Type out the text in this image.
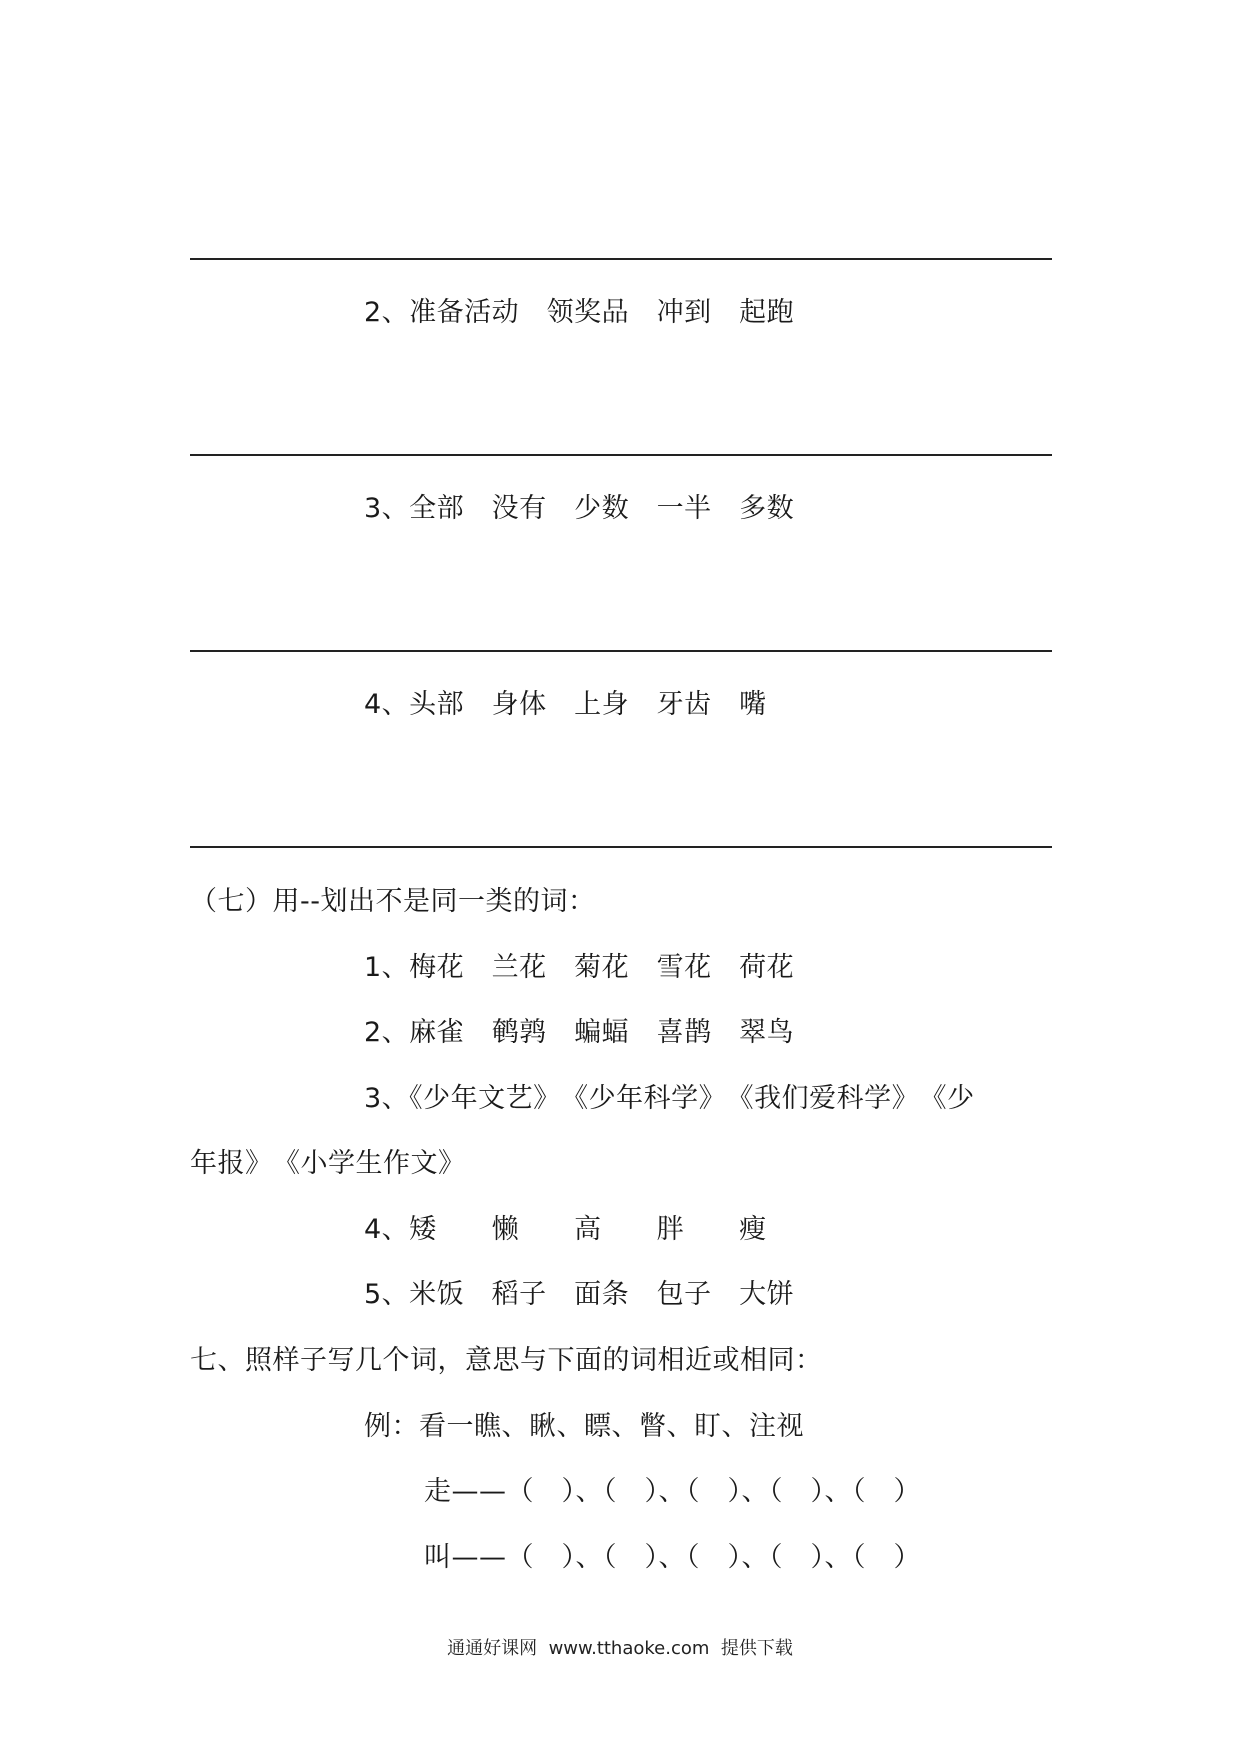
2、准备活动　领奖品　冲到　起跑
3、全部　没有　少数　一半　多数
4、头部　身体　上身　牙齿　嘴
（七）用--划出不是同一类的词：
1、梅花　兰花　菊花　雪花　荷花
2、麻雀　鹌鹑　蝙蝠　喜鹊　翠鸟
3、《少年文艺》　《少年科学》　《我们爱科学》　《少
年报》　《小学生作文》
4、矮　　懒　　高　　胖　　瘦
5、米饭　稻子　面条　包子　大饼
七、照样子写几个词，意思与下面的词相近或相同：
例：看一瞧、瞅、瞟、瞥、盯、注视
走——（　）、（　）、（　）、（　）、（　）
叫——（　）、（　）、（　）、（　）、（　）
通通好课网  www.tthaoke.com  提供下载
